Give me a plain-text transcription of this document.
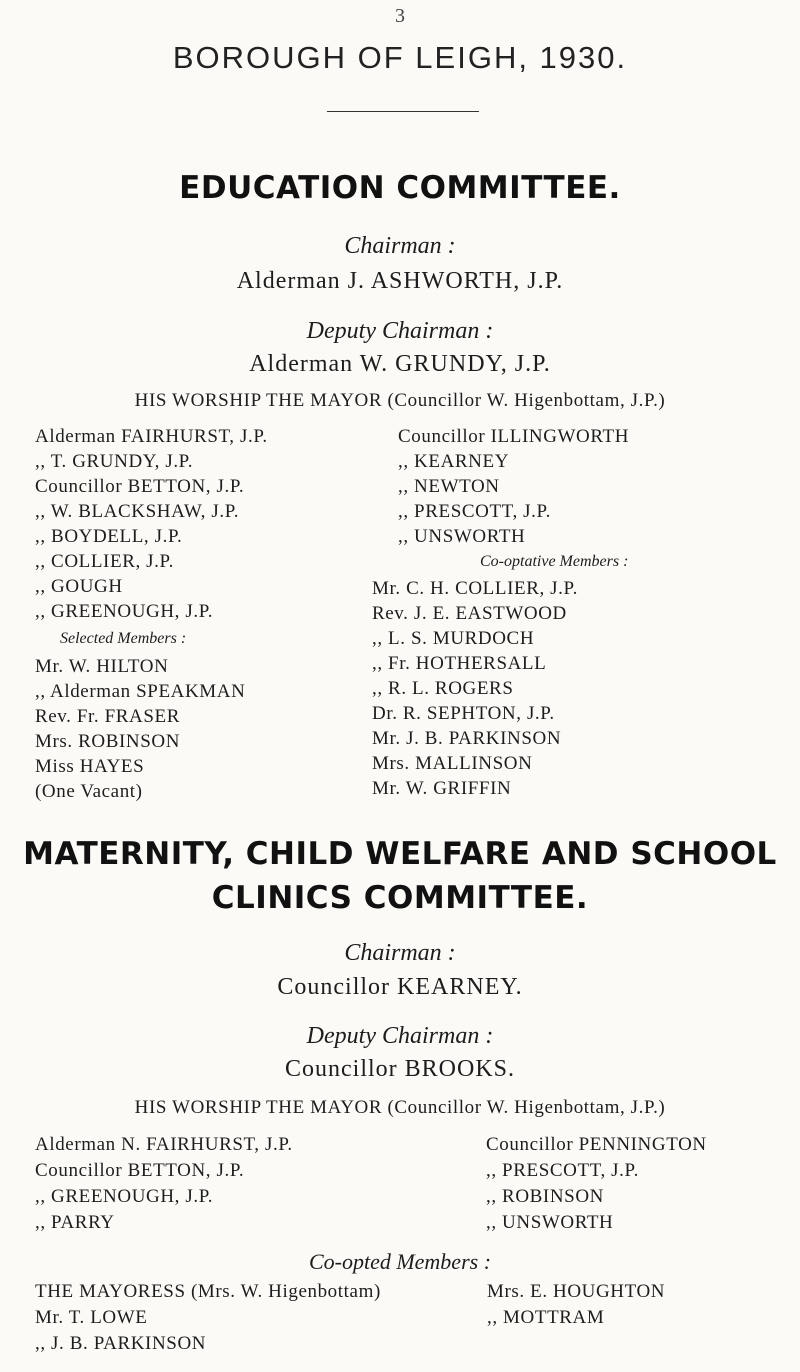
3
BOROUGH OF LEIGH, 1930.
EDUCATION COMMITTEE.
Chairman :
Alderman J. ASHWORTH, J.P.
Deputy Chairman :
Alderman W. GRUNDY, J.P.
HIS WORSHIP THE MAYOR (Councillor W. Higenbottam, J.P.)
Alderman FAIRHURST, J.P.
,, T. GRUNDY, J.P.
Councillor BETTON, J.P.
,, W. BLACKSHAW, J.P.
,, BOYDELL, J.P.
,, COLLIER, J.P.
,, GOUGH
,, GREENOUGH, J.P.
Selected Members :
Mr. W. HILTON
,, Alderman SPEAKMAN
Rev. Fr. FRASER
Mrs. ROBINSON
Miss HAYES
(One Vacant)
Councillor ILLINGWORTH
,, KEARNEY
,, NEWTON
,, PRESCOTT, J.P.
,, UNSWORTH
Co-optative Members :
Mr. C. H. COLLIER, J.P.
Rev. J. E. EASTWOOD
,, L. S. MURDOCH
,, Fr. HOTHERSALL
,, R. L. ROGERS
Dr. R. SEPHTON, J.P.
Mr. J. B. PARKINSON
Mrs. MALLINSON
Mr. W. GRIFFIN
MATERNITY, CHILD WELFARE AND SCHOOL
CLINICS COMMITTEE.
Chairman :
Councillor KEARNEY.
Deputy Chairman :
Councillor BROOKS.
HIS WORSHIP THE MAYOR (Councillor W. Higenbottam, J.P.)
Alderman N. FAIRHURST, J.P.
Councillor BETTON, J.P.
,, GREENOUGH, J.P.
,, PARRY
Councillor PENNINGTON
,, PRESCOTT, J.P.
,, ROBINSON
,, UNSWORTH
Co-opted Members :
THE MAYORESS (Mrs. W. Higenbottam)
Mr. T. LOWE
,, J. B. PARKINSON
Mrs. E. HOUGHTON
,, MOTTRAM
